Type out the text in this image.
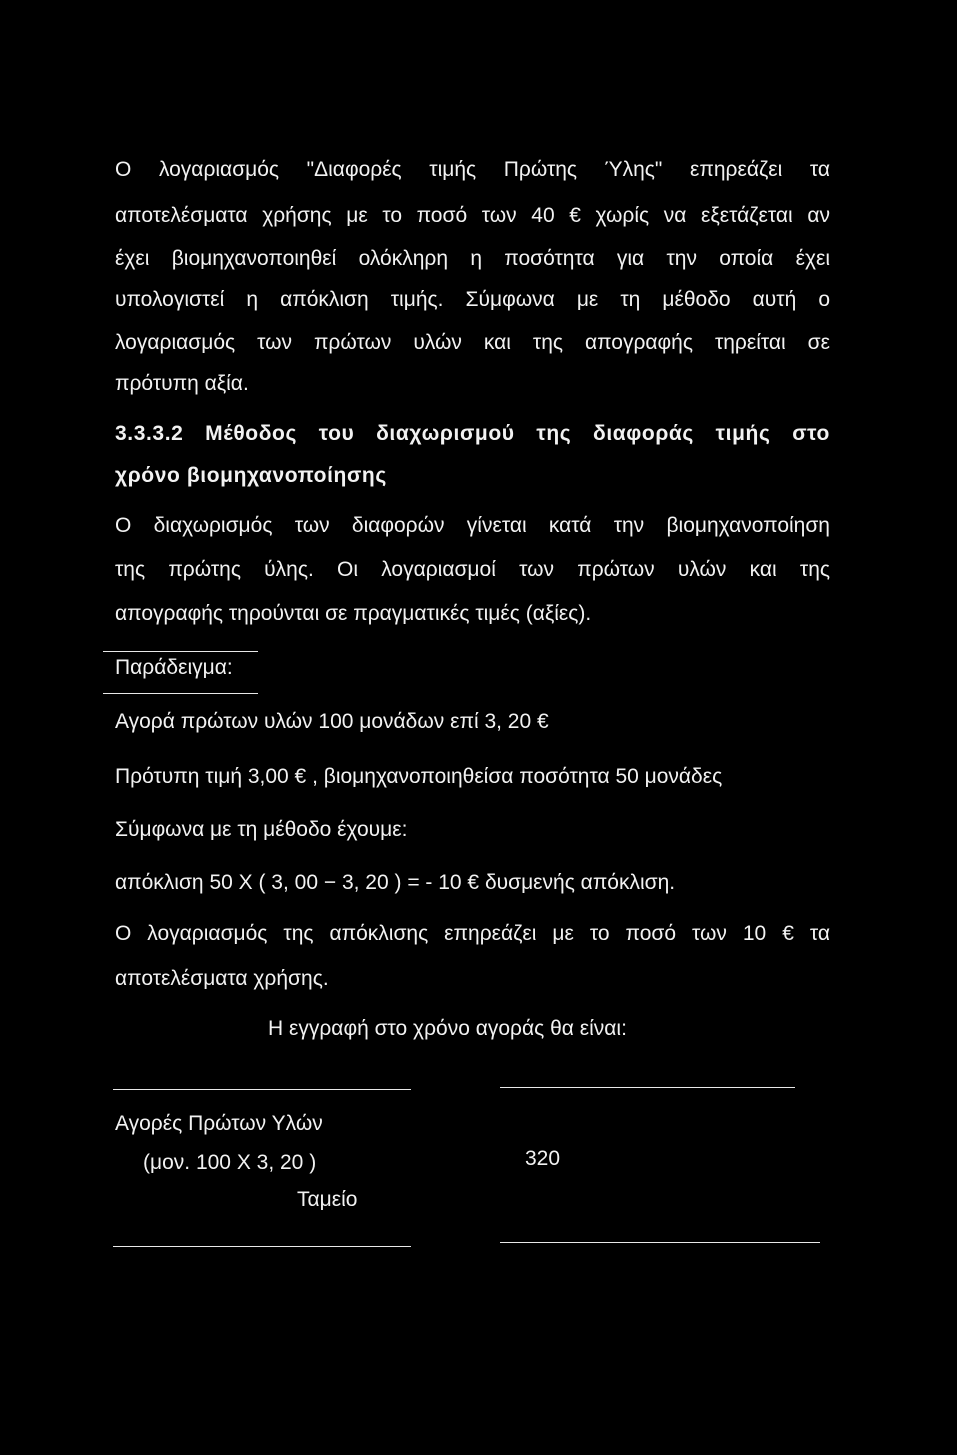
Ο λογαριασμός "Διαφορές τιμής Πρώτης Ύλης" επηρεάζει τα
αποτελέσματα χρήσης με το ποσό των 40 € χωρίς να εξετάζεται αν
έχει βιομηχανοποιηθεί ολόκληρη η ποσότητα για την οποία έχει
υπολογιστεί η απόκλιση τιμής. Σύμφωνα με τη μέθοδο αυτή ο
λογαριασμός των πρώτων υλών και της απογραφής τηρείται σε
πρότυπη αξία.
3.3.3.2 Μέθοδος του διαχωρισμού της διαφοράς τιμής στο
χρόνο βιομηχανοποίησης
Ο διαχωρισμός των διαφορών γίνεται κατά την βιομηχανοποίηση
της πρώτης ύλης. Οι λογαριασμοί των πρώτων υλών και της
απογραφής τηρούνται σε πραγματικές τιμές (αξίες).
Παράδειγμα:
Αγορά πρώτων υλών 100 μονάδων επί 3, 20 €
Πρότυπη τιμή 3,00 € , βιομηχανοποιηθείσα ποσότητα 50 μονάδες
Σύμφωνα με τη μέθοδο έχουμε:
απόκλιση 50 Χ ( 3, 00 − 3, 20 ) = - 10 € δυσμενής απόκλιση.
Ο λογαριασμός της απόκλισης επηρεάζει με το ποσό των 10 € τα
αποτελέσματα χρήσης.
Η εγγραφή στο χρόνο αγοράς θα είναι:
Αγορές Πρώτων Υλών
(μον. 100 Χ 3, 20 )	320
Ταμείο
